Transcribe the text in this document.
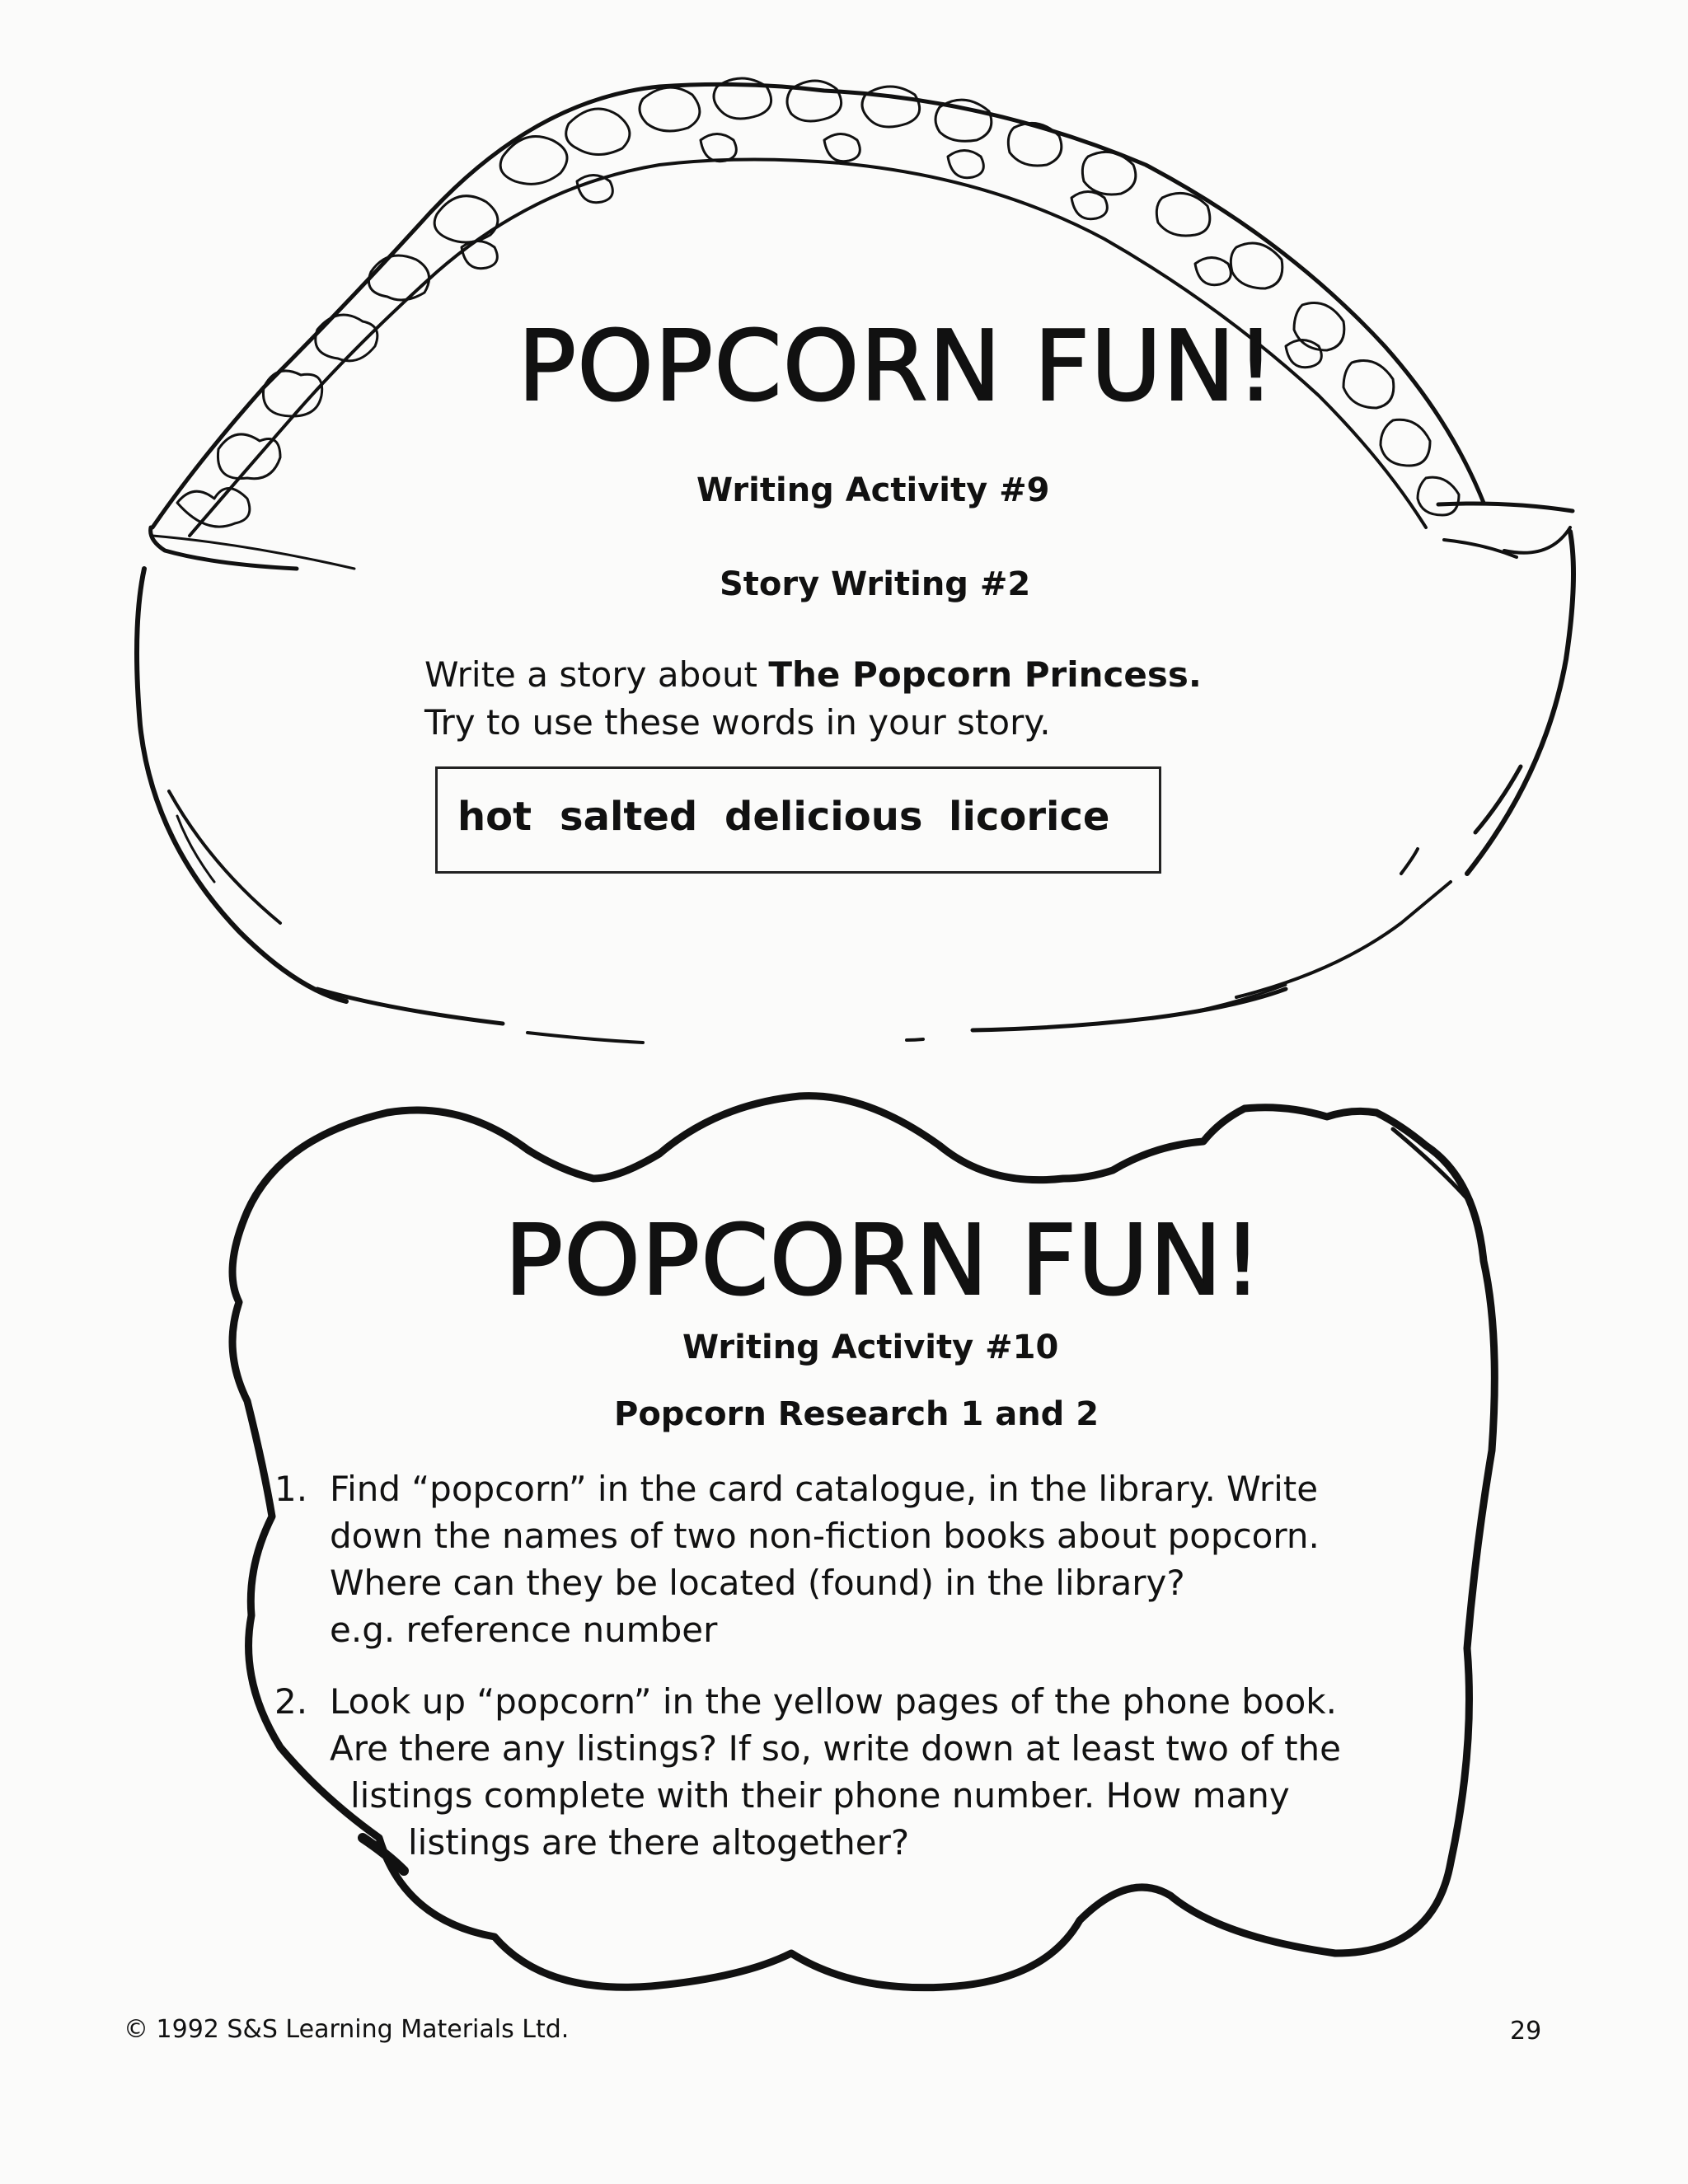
POPCORN FUN!
Writing Activity #9
Story Writing #2
Write a story about The Popcorn Princess.
Try to use these words in your story.
hot salted delicious licorice
POPCORN FUN!
Writing Activity #10
Popcorn Research 1 and 2
1. Find “popcorn” in the card catalogue, in the library. Write
down the names of two non-fiction books about popcorn.
Where can they be located (found) in the library?
e.g. reference number
2. Look up “popcorn” in the yellow pages of the phone book.
Are there any listings? If so, write down at least two of the
listings complete with their phone number. How many
listings are there altogether?
© 1992 S&S Learning Materials Ltd.	29
